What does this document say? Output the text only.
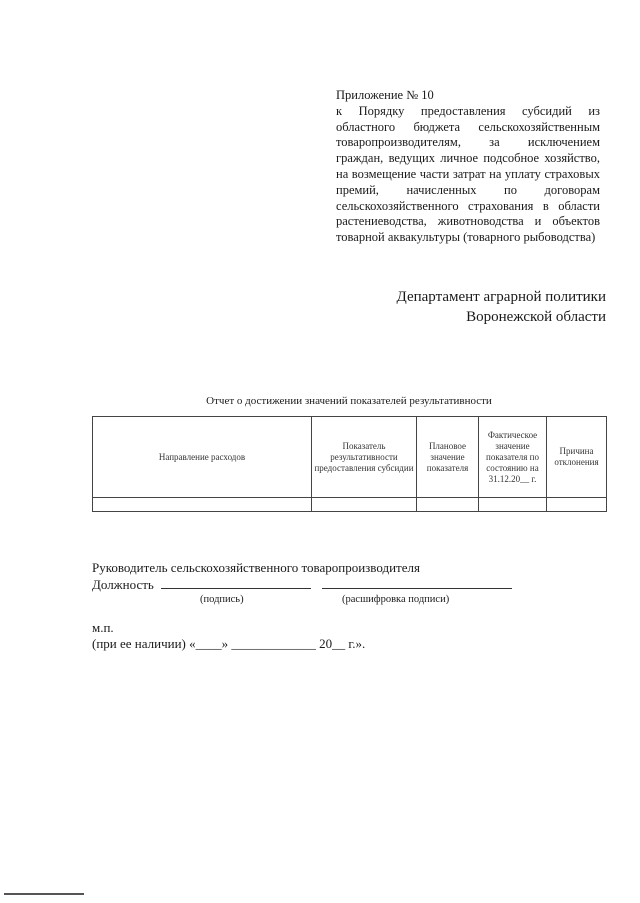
Приложение № 10
к Порядку предоставления субсидий из областного бюджета сельскохозяйственным товаропроизводителям, за исключением граждан, ведущих личное подсобное хозяйство, на возмещение части затрат на уплату страховых премий, начисленных по договорам сельскохозяйственного страхования в области растениеводства, животноводства и объектов товарной аквакультуры (товарного рыбоводства)
Департамент аграрной политики
Воронежской области
Отчет о достижении значений показателей результативности
Направление расходов	Показатель результативности предоставления субсидии	Плановое значение показателя	Фактическое значение показателя по состоянию на 31.12.20__ г.	Причина отклонения

Руководитель сельскохозяйственного товаропроизводителя
Должность
(подпись)	(расшифровка подписи)
м.п.
(при ее наличии) «____» _____________ 20__ г.».
